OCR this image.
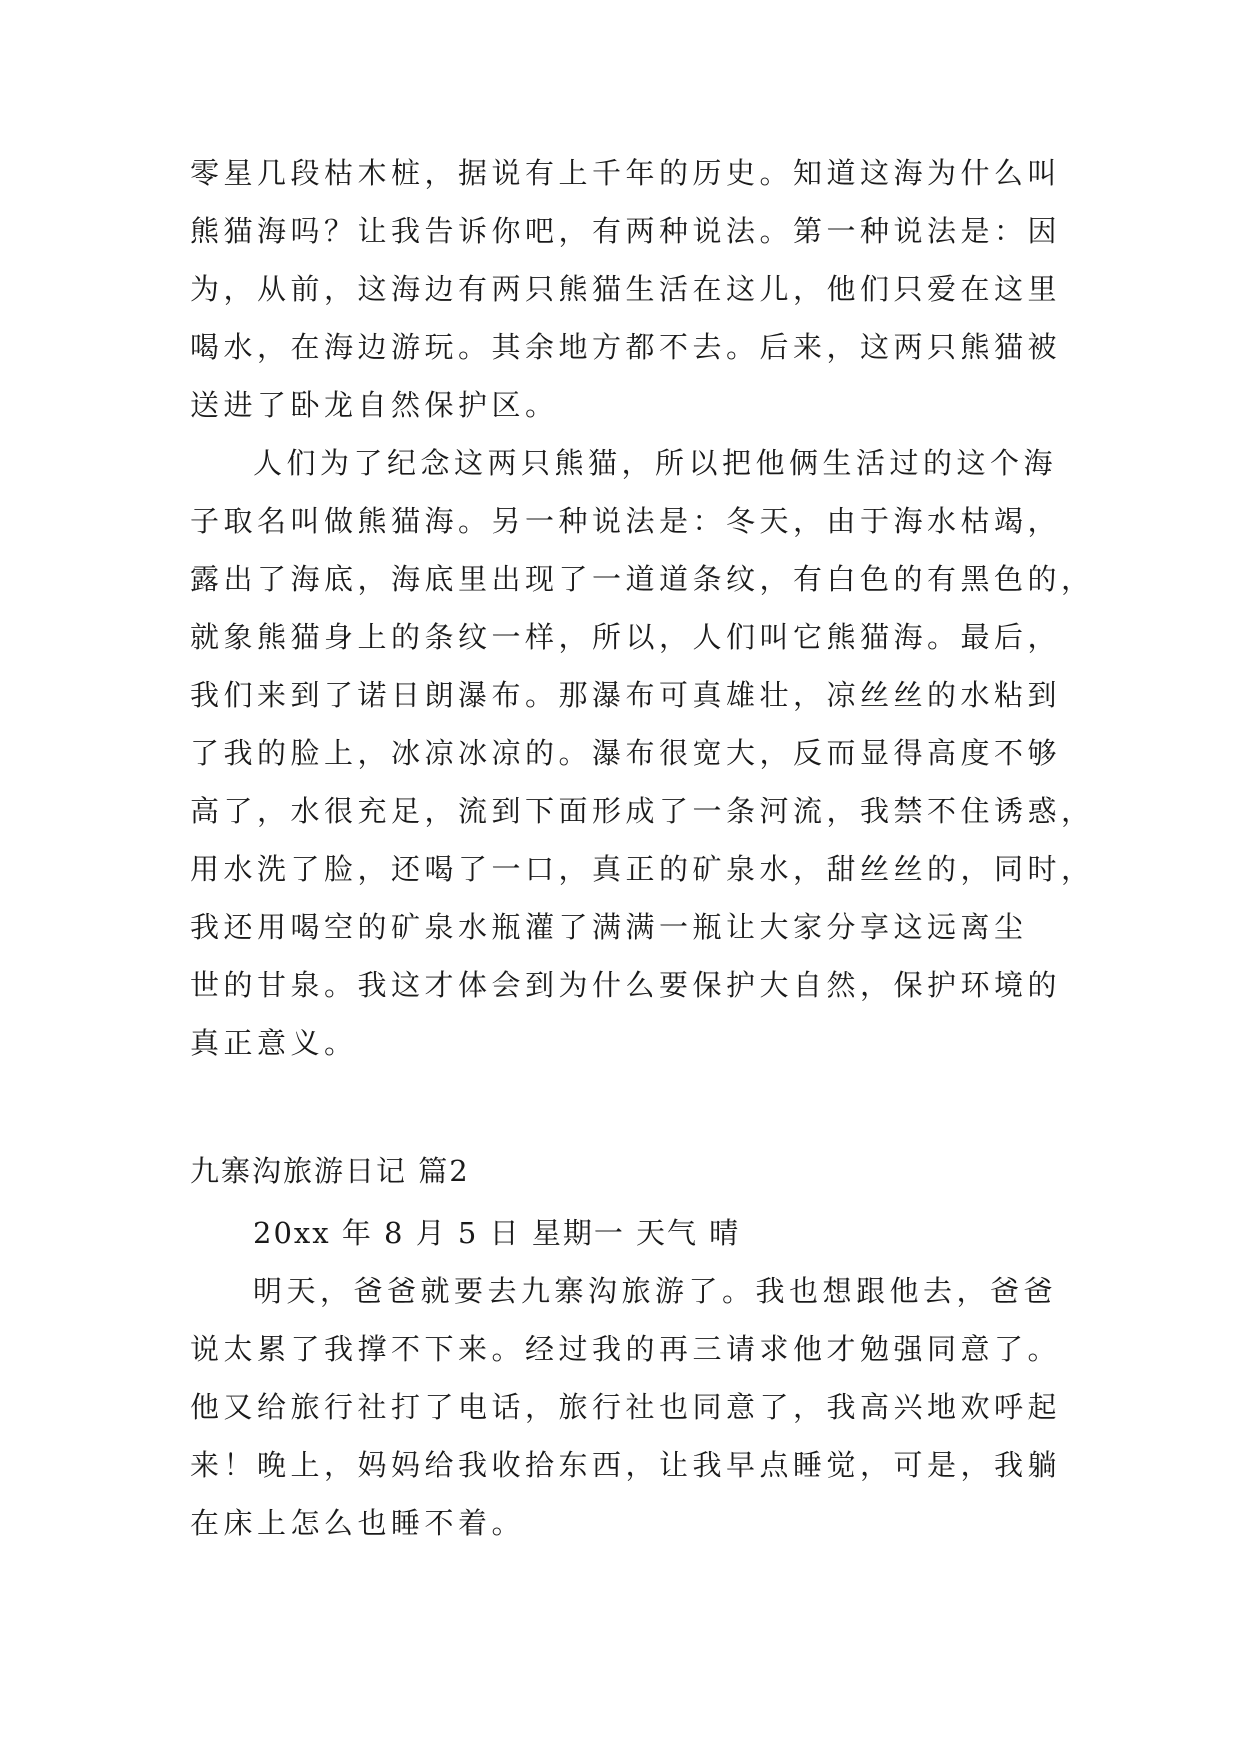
零星几段枯木桩，据说有上千年的历史。知道这海为什么叫
熊猫海吗？让我告诉你吧，有两种说法。第一种说法是：因
为，从前，这海边有两只熊猫生活在这儿，他们只爱在这里
喝水，在海边游玩。其余地方都不去。后来，这两只熊猫被
送进了卧龙自然保护区。
人们为了纪念这两只熊猫，所以把他俩生活过的这个海
子取名叫做熊猫海。另一种说法是：冬天，由于海水枯竭，
露出了海底，海底里出现了一道道条纹，有白色的有黑色的，
就象熊猫身上的条纹一样，所以，人们叫它熊猫海。最后，
我们来到了诺日朗瀑布。那瀑布可真雄壮，凉丝丝的水粘到
了我的脸上，冰凉冰凉的。瀑布很宽大，反而显得高度不够
高了，水很充足，流到下面形成了一条河流，我禁不住诱惑，
用水洗了脸，还喝了一口，真正的矿泉水，甜丝丝的，同时，
我还用喝空的矿泉水瓶灌了满满一瓶让大家分享这远离尘
世的甘泉。我这才体会到为什么要保护大自然，保护环境的
真正意义。
九寨沟旅游日记 篇2
20xx 年 8 月 5 日 星期一 天气 晴
明天，爸爸就要去九寨沟旅游了。我也想跟他去，爸爸
说太累了我撑不下来。经过我的再三请求他才勉强同意了。
他又给旅行社打了电话，旅行社也同意了，我高兴地欢呼起
来！晚上，妈妈给我收拾东西，让我早点睡觉，可是，我躺
在床上怎么也睡不着。
